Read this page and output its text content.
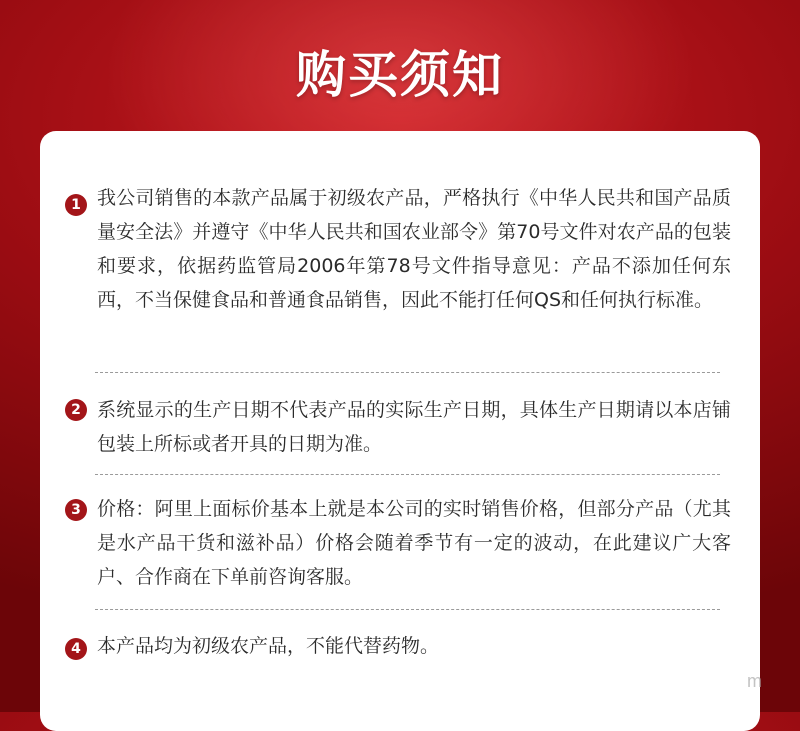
购买须知
1 我公司销售的本款产品属于初级农产品，严格执行《中华人民共和国产品质量安全法》并遵守《中华人民共和国农业部令》第70号文件对农产品的包装和要求，依据药监管局2006年第78号文件指导意见：产品不添加任何东西，不当保健食品和普通食品销售，因此不能打任何QS和任何执行标准。

2 系统显示的生产日期不代表产品的实际生产日期，具体生产日期请以本店铺包装上所标或者开具的日期为准。

3 价格：阿里上面标价基本上就是本公司的实时销售价格，但部分产品（尤其是水产品干货和滋补品）价格会随着季节有一定的波动，在此建议广大客户、合作商在下单前咨询客服。

4 本产品均为初级农产品，不能代替药物。

m
